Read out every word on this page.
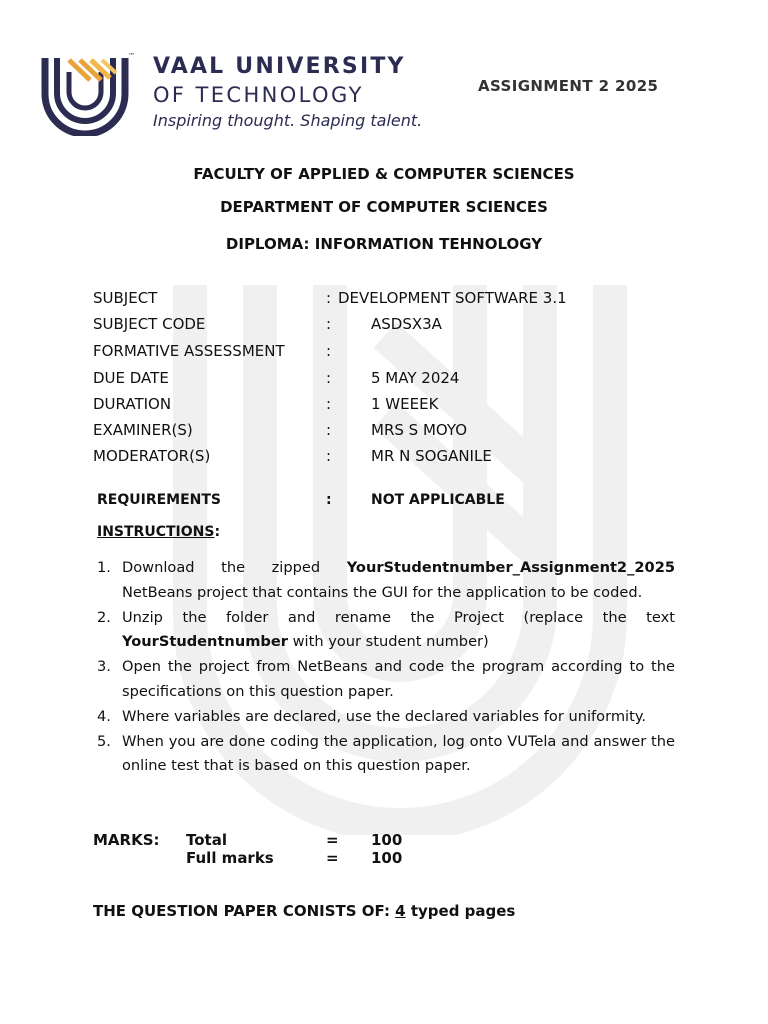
™ VAAL UNIVERSITY
OF TECHNOLOGY
Inspiring thought. Shaping talent.
ASSIGNMENT 2 2025
FACULTY OF APPLIED & COMPUTER SCIENCES
DEPARTMENT OF COMPUTER SCIENCES
DIPLOMA: INFORMATION TEHNOLOGY
SUBJECT	: DEVELOPMENT SOFTWARE 3.1
SUBJECT CODE	:	ASDSX3A
FORMATIVE ASSESSMENT	:
DUE DATE	:	5 MAY 2024
DURATION	:	1 WEEEK
EXAMINER(S)	:	MRS S MOYO
MODERATOR(S)	:	MR N SOGANILE
REQUIREMENTS	:	NOT APPLICABLE
INSTRUCTIONS:
1. Download the zipped YourStudentnumber_Assignment2_2025 NetBeans project that contains the GUI for the application to be coded.
2. Unzip the folder and rename the Project (replace the text YourStudentnumber with your student number)
3. Open the project from NetBeans and code the program according to the specifications on this question paper.
4. Where variables are declared, use the declared variables for uniformity.
5. When you are done coding the application, log onto VUTela and answer the online test that is based on this question paper.
MARKS: Total	= 100
Full marks	= 100
THE QUESTION PAPER CONISTS OF: 4 typed pages
